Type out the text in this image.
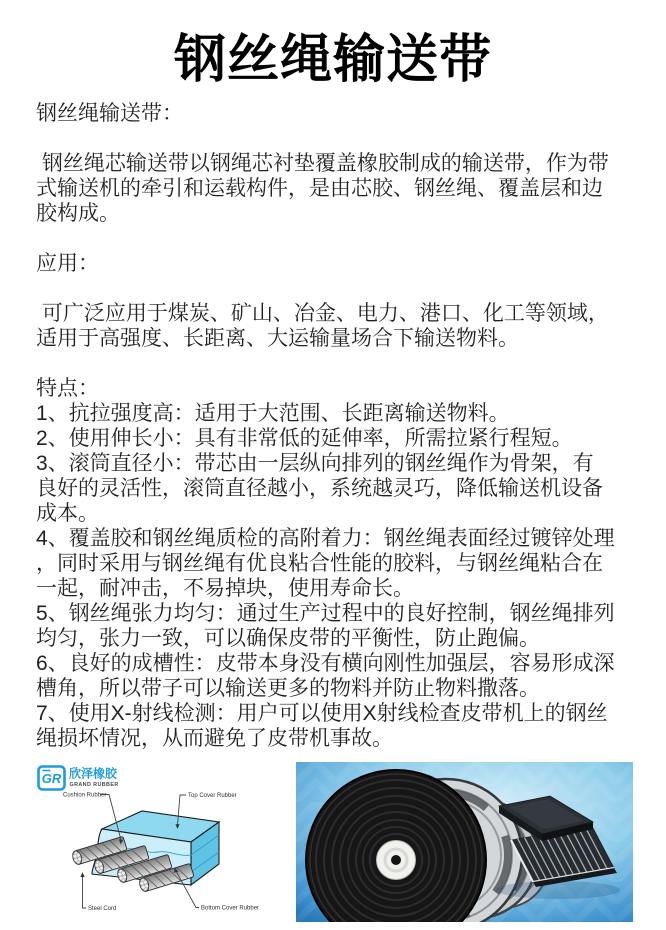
钢丝绳输送带
钢丝绳输送带：

钢丝绳芯输送带以钢绳芯衬垫覆盖橡胶制成的输送带，作为带
式输送机的牵引和运载构件，是由芯胶、钢丝绳、覆盖层和边
胶构成。

应用：

可广泛应用于煤炭、矿山、冶金、电力、港口、化工等领域，
适用于高强度、长距离、大运输量场合下输送物料。

特点：
1、抗拉强度高：适用于大范围、长距离输送物料。
2、使用伸长小：具有非常低的延伸率，所需拉紧行程短。
3、滚筒直径小：带芯由一层纵向排列的钢丝绳作为骨架，有
良好的灵活性，滚筒直径越小，系统越灵巧，降低输送机设备
成本。
4、覆盖胶和钢丝绳质检的高附着力：钢丝绳表面经过镀锌处理
，同时采用与钢丝绳有优良粘合性能的胶料，与钢丝绳粘合在
一起，耐冲击，不易掉块，使用寿命长。
5、钢丝绳张力均匀：通过生产过程中的良好控制，钢丝绳排列
均匀，张力一致，可以确保皮带的平衡性，防止跑偏。
6、良好的成槽性：皮带本身没有横向刚性加强层，容易形成深
槽角，所以带子可以输送更多的物料并防止物料撒落。
7、使用X-射线检测：用户可以使用X射线检查皮带机上的钢丝
绳损坏情况，从而避免了皮带机事故。
GR 欣泽橡胶
GRAND RUBBER
Cushion Rubber	Top Cover Rubber
Steel Cord	Bottom Cover Rubber
